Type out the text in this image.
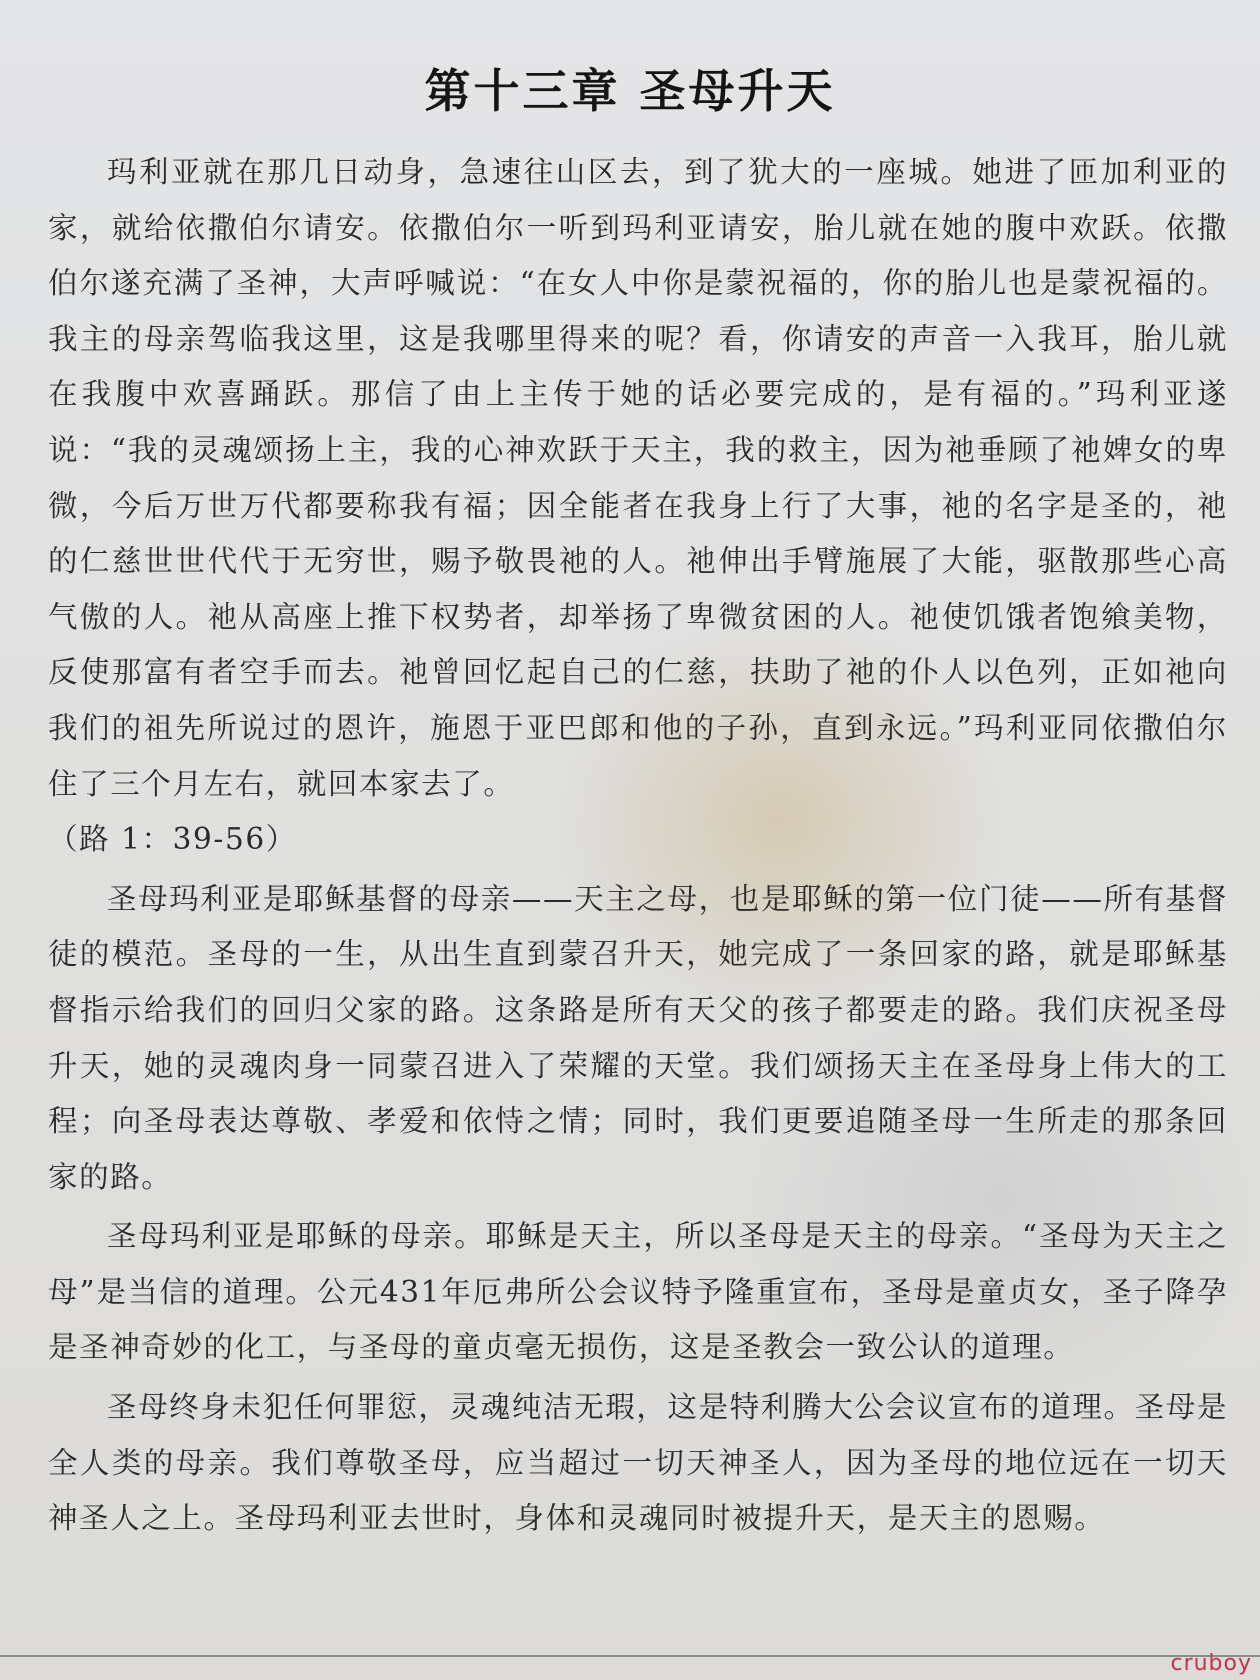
第十三章 圣母升天

玛利亚就在那几日动身，急速往山区去，到了犹大的一座城。她进了匝加利亚的家，就给依撒伯尔请安。依撒伯尔一听到玛利亚请安，胎儿就在她的腹中欢跃。依撒伯尔遂充满了圣神，大声呼喊说：“在女人中你是蒙祝福的，你的胎儿也是蒙祝福的。我主的母亲驾临我这里，这是我哪里得来的呢？看，你请安的声音一入我耳，胎儿就在我腹中欢喜踊跃。那信了由上主传于她的话必要完成的，是有福的。”玛利亚遂说：“我的灵魂颂扬上主，我的心神欢跃于天主，我的救主，因为祂垂顾了祂婢女的卑微，今后万世万代都要称我有福；因全能者在我身上行了大事，祂的名字是圣的，祂的仁慈世世代代于无穷世，赐予敬畏祂的人。祂伸出手臂施展了大能，驱散那些心高气傲的人。祂从高座上推下权势者，却举扬了卑微贫困的人。祂使饥饿者饱飨美物，反使那富有者空手而去。祂曾回忆起自己的仁慈，扶助了祂的仆人以色列，正如祂向我们的祖先所说过的恩许，施恩于亚巴郎和他的子孙，直到永远。”玛利亚同依撒伯尔住了三个月左右，就回本家去了。

（路 1：39-56）

圣母玛利亚是耶稣基督的母亲——天主之母，也是耶稣的第一位门徒——所有基督徒的模范。圣母的一生，从出生直到蒙召升天，她完成了一条回家的路，就是耶稣基督指示给我们的回归父家的路。这条路是所有天父的孩子都要走的路。我们庆祝圣母升天，她的灵魂肉身一同蒙召进入了荣耀的天堂。我们颂扬天主在圣母身上伟大的工程；向圣母表达尊敬、孝爱和依恃之情；同时，我们更要追随圣母一生所走的那条回家的路。

圣母玛利亚是耶稣的母亲。耶稣是天主，所以圣母是天主的母亲。“圣母为天主之母”是当信的道理。公元431年厄弗所公会议特予隆重宣布，圣母是童贞女，圣子降孕是圣神奇妙的化工，与圣母的童贞毫无损伤，这是圣教会一致公认的道理。

圣母终身未犯任何罪愆，灵魂纯洁无瑕，这是特利腾大公会议宣布的道理。圣母是全人类的母亲。我们尊敬圣母，应当超过一切天神圣人，因为圣母的地位远在一切天神圣人之上。圣母玛利亚去世时，身体和灵魂同时被提升天，是天主的恩赐。

cruboy
